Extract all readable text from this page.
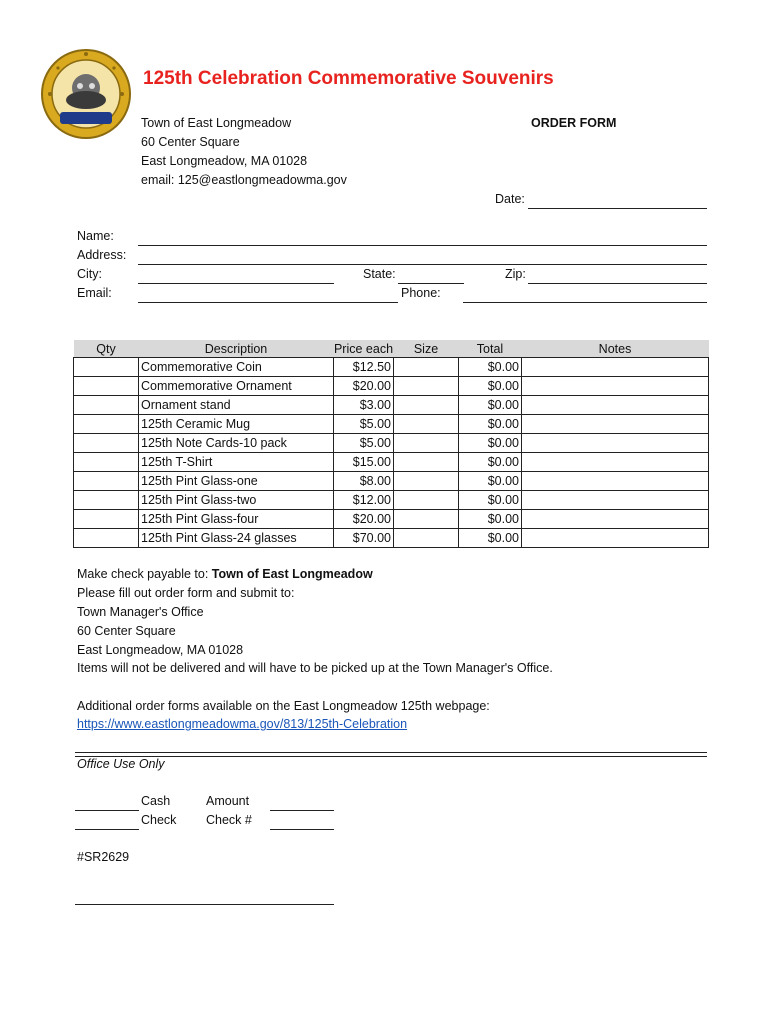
125th Celebration Commemorative Souvenirs
Town of East Longmeadow
60 Center Square
East Longmeadow, MA 01028
email: 125@eastlongmeadowma.gov
ORDER FORM
Date:
Name:
Address:
City:	State:	Zip:
Email:	Phone:
Qty	Description	Price each	Size	Total	Notes
	Commemorative Coin	$12.50		$0.00	
	Commemorative Ornament	$20.00		$0.00	
	Ornament stand	$3.00		$0.00	
	125th Ceramic Mug	$5.00		$0.00	
	125th Note Cards-10 pack	$5.00		$0.00	
	125th T-Shirt	$15.00		$0.00	
	125th Pint Glass-one	$8.00		$0.00	
	125th Pint Glass-two	$12.00		$0.00	
	125th Pint Glass-four	$20.00		$0.00	
	125th Pint Glass-24 glasses	$70.00		$0.00	
Make check payable to: Town of East Longmeadow
Please fill out order form and submit to:
Town Manager's Office
60 Center Square
East Longmeadow, MA 01028
Items will not be delivered and will have to be picked up at the Town Manager's Office.
Additional order forms available on the East Longmeadow 125th webpage:
https://www.eastlongmeadowma.gov/813/125th-Celebration
Office Use Only
Cash	Amount
Check Check #
#SR2629
